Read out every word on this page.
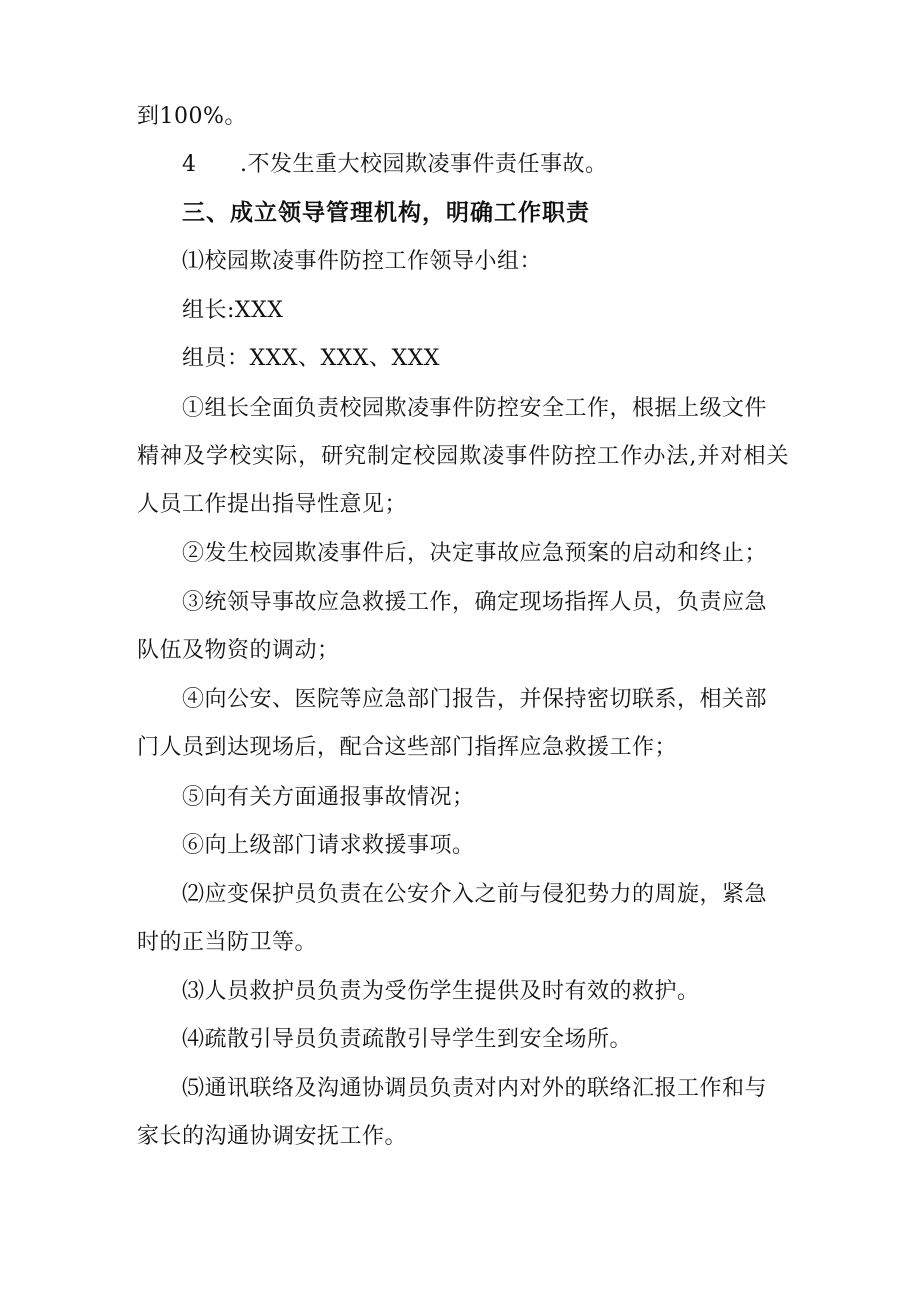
到100%。
4 .不发生重大校园欺凌事件责任事故。
三、成立领导管理机构，明确工作职责
⑴校园欺凌事件防控工作领导小组：
组长:XXX
组员：XXX、XXX、XXX
①组长全面负责校园欺凌事件防控安全工作，根据上级文件
精神及学校实际，研究制定校园欺凌事件防控工作办法,并对相关
人员工作提出指导性意见；
②发生校园欺凌事件后，决定事故应急预案的启动和终止；
③统领导事故应急救援工作，确定现场指挥人员，负责应急
队伍及物资的调动；
④向公安、医院等应急部门报告，并保持密切联系，相关部
门人员到达现场后，配合这些部门指挥应急救援工作；
⑤向有关方面通报事故情况；
⑥向上级部门请求救援事项。
⑵应变保护员负责在公安介入之前与侵犯势力的周旋，紧急
时的正当防卫等。
⑶人员救护员负责为受伤学生提供及时有效的救护。
⑷疏散引导员负责疏散引导学生到安全场所。
⑸通讯联络及沟通协调员负责对内对外的联络汇报工作和与
家长的沟通协调安抚工作。
